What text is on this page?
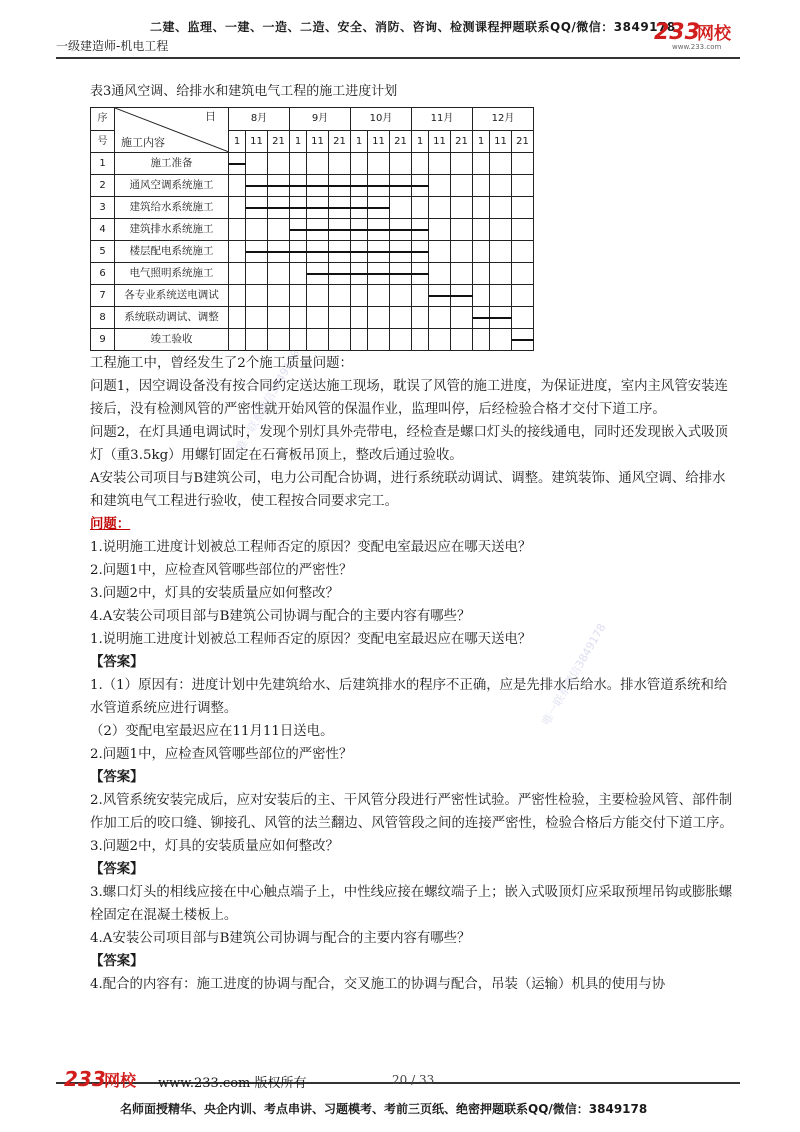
二建、监理、一建、一造、二造、安全、消防、咨询、检测课程押题联系QQ/微信：3849178
一级建造师-机电工程
233
网校
www.233.com
表3通风空调、给排水和建筑电气工程的施工进度计划
序	日
施工内容	8月			9月			10月			11月			12月		
号		1	11	21	1	11	21	1	11	21	1	11	21	1	11	21
1	施工准备															
2	通风空调系统施工															
3	建筑给水系统施工															
4	建筑排水系统施工															
5	楼层配电系统施工															
6	电气照明系统施工															
7	各专业系统送电调试															
8	系统联动调试、调整															
9	竣工验收															

工程施工中，曾经发生了2个施工质量问题：

问题1，因空调设备没有按合同约定送达施工现场，耽误了风管的施工进度，为保证进度，室内主风管安装连接后，没有检测风管的严密性就开始风管的保温作业，监理叫停，后经检验合格才交付下道工序。

问题2，在灯具通电调试时，发现个别灯具外壳带电，经检查是螺口灯头的接线通电，同时还发现嵌入式吸顶灯（重3.5kg）用螺钉固定在石膏板吊顶上，整改后通过验收。

A安装公司项目与B建筑公司，电力公司配合协调，进行系统联动调试、调整。建筑装饰、通风空调、给排水和建筑电气工程进行验收，使工程按合同要求完工。

问题：

1.说明施工进度计划被总工程师否定的原因？变配电室最迟应在哪天送电？

2.问题1中，应检查风管哪些部位的严密性？

3.问题2中，灯具的安装质量应如何整改？

4.A安装公司项目部与B建筑公司协调与配合的主要内容有哪些？

1.说明施工进度计划被总工程师否定的原因？变配电室最迟应在哪天送电？

【答案】

1.（1）原因有：进度计划中先建筑给水、后建筑排水的程序不正确，应是先排水后给水。排水管道系统和给水管道系统应进行调整。

（2）变配电室最迟应在11月11日送电。

2.问题1中，应检查风管哪些部位的严密性？

【答案】

2.风管系统安装完成后，应对安装后的主、干风管分段进行严密性试验。严密性检验，主要检验风管、部件制作加工后的咬口缝、铆接孔、风管的法兰翻边、风管管段之间的连接严密性，检验合格后方能交付下道工序。

3.问题2中，灯具的安装质量应如何整改？

【答案】

3.螺口灯头的相线应接在中心触点端子上，中性线应接在螺纹端子上；嵌入式吸顶灯应采取预埋吊钩或膨胀螺栓固定在混凝土楼板上。

4.A安装公司项目部与B建筑公司协调与配合的主要内容有哪些？

【答案】

4.配合的内容有：施工进度的协调与配合，交叉施工的协调与配合，吊装（运输）机具的使用与协

唯一联系微信3849178
唯一联系微信3849178
233
网校 www.233.com 版权所有	20 / 33
名师面授精华、央企内训、考点串讲、习题模考、考前三页纸、绝密押题联系QQ/微信：3849178
